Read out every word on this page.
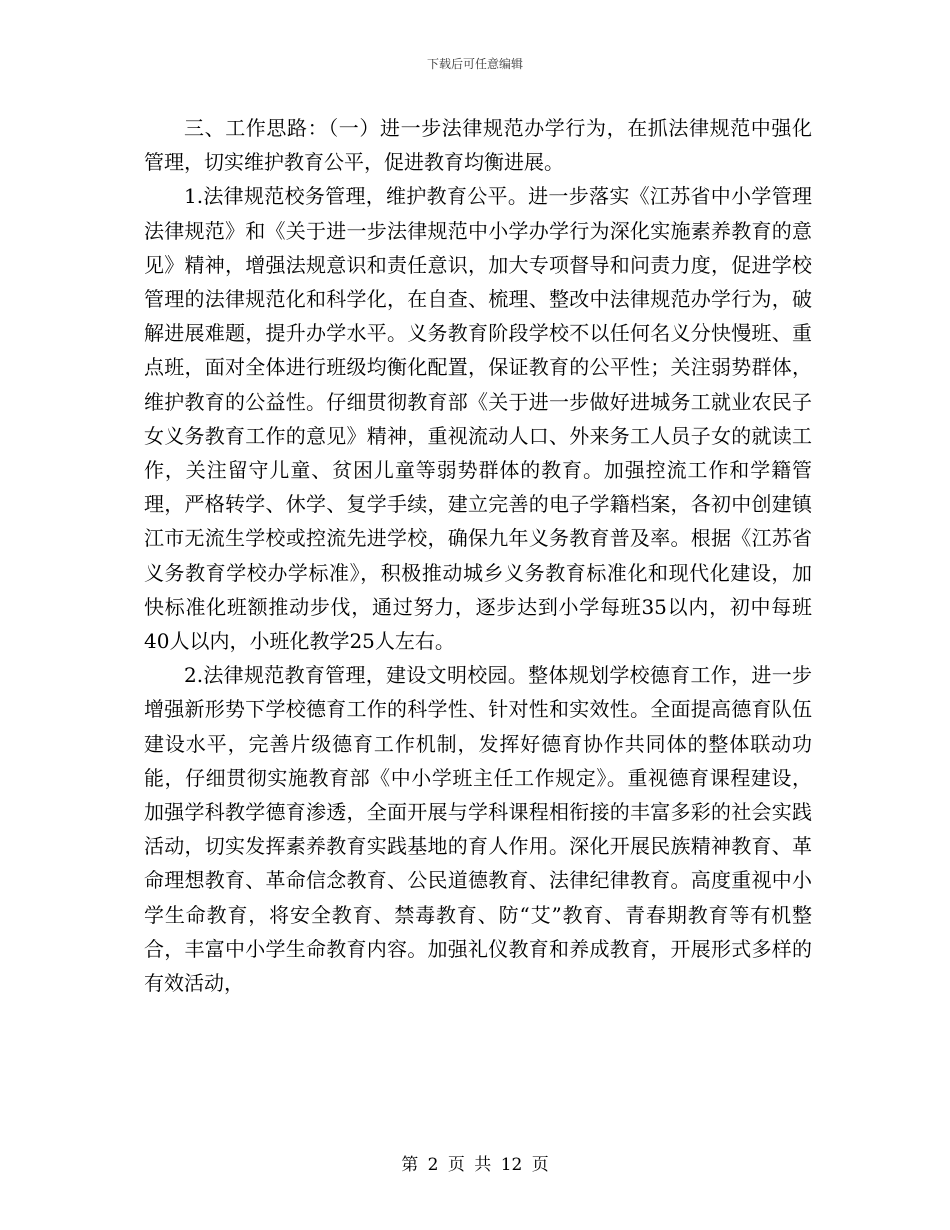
下载后可任意编辑

三、工作思路：（一）进一步法律规范办学行为，在抓法律规范中强化管理，切实维护教育公平，促进教育均衡进展。

1.法律规范校务管理，维护教育公平。进一步落实《江苏省中小学管理法律规范》和《关于进一步法律规范中小学办学行为深化实施素养教育的意见》精神，增强法规意识和责任意识，加大专项督导和问责力度，促进学校管理的法律规范化和科学化，在自查、梳理、整改中法律规范办学行为，破解进展难题，提升办学水平。义务教育阶段学校不以任何名义分快慢班、重点班，面对全体进行班级均衡化配置，保证教育的公平性；关注弱势群体，维护教育的公益性。仔细贯彻教育部《关于进一步做好进城务工就业农民子女义务教育工作的意见》精神，重视流动人口、外来务工人员子女的就读工作，关注留守儿童、贫困儿童等弱势群体的教育。加强控流工作和学籍管理，严格转学、休学、复学手续，建立完善的电子学籍档案，各初中创建镇江市无流生学校或控流先进学校，确保九年义务教育普及率。根据《江苏省义务教育学校办学标准》，积极推动城乡义务教育标准化和现代化建设，加快标准化班额推动步伐，通过努力，逐步达到小学每班35以内，初中每班40人以内，小班化教学25人左右。

2.法律规范教育管理，建设文明校园。整体规划学校德育工作，进一步增强新形势下学校德育工作的科学性、针对性和实效性。全面提高德育队伍建设水平，完善片级德育工作机制，发挥好德育协作共同体的整体联动功能，仔细贯彻实施教育部《中小学班主任工作规定》。重视德育课程建设，加强学科教学德育渗透，全面开展与学科课程相衔接的丰富多彩的社会实践活动，切实发挥素养教育实践基地的育人作用。深化开展民族精神教育、革命理想教育、革命信念教育、公民道德教育、法律纪律教育。高度重视中小学生命教育，将安全教育、禁毒教育、防“艾”教育、青春期教育等有机整合，丰富中小学生命教育内容。加强礼仪教育和养成教育，开展形式多样的有效活动，

第 2 页 共 12 页
